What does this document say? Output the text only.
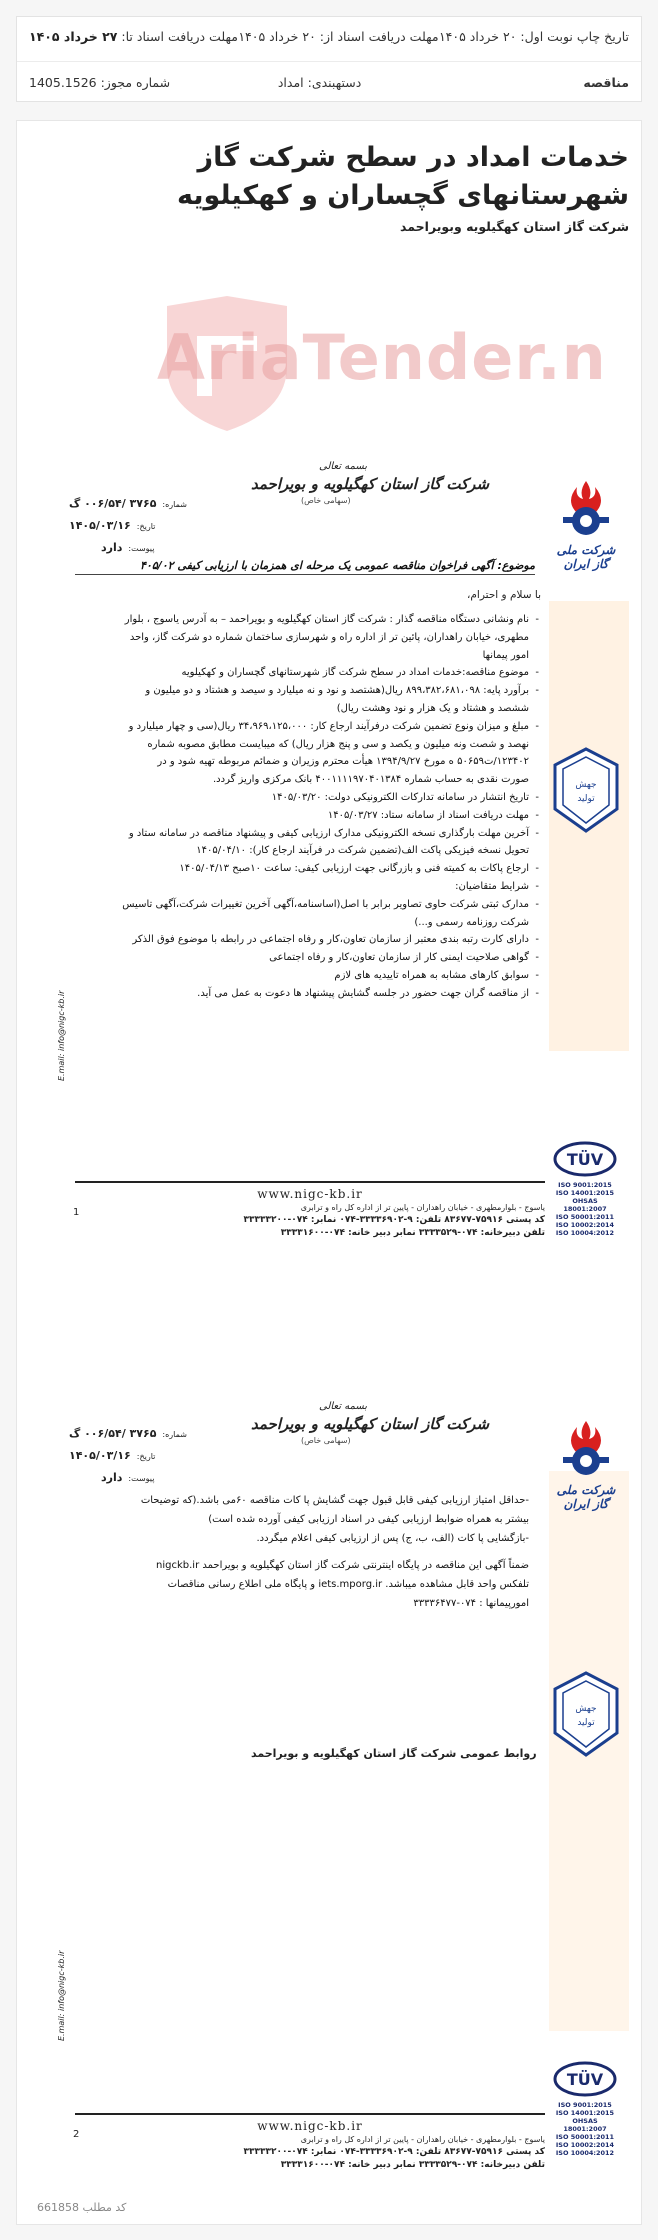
تاریخ چاپ نوبت اول: ۲۰ خرداد ۱۴۰۵
مهلت دریافت اسناد از: ۲۰ خرداد ۱۴۰۵
مهلت دریافت اسناد تا: ۲۷ خرداد ۱۴۰۵
مناقصه
دستهبندی: امداد
شماره مجوز: 1405.1526
خدمات امداد در سطح شرکت گاز شهرستانهای گچساران و کهکیلویه
شرکت گاز استان کهگیلویه وبویراحمد
AriaTender.n
شرکت ملی گاز ایران
بسمه تعالی
شرکت گاز استان کهگیلویه و بویراحمد
(سهامی خاص)
شماره:۳۷۶۵ /۰۰۶/۵۴ گ
تاریخ:۱۴۰۵/۰۳/۱۶
پیوست:دارد
موضوع: آگهی فراخوان مناقصه عمومی یک مرحله ای همزمان با ارزیابی کیفی ۴۰۵/۰۲
با سلام و احترام،
- نام ونشانی دستگاه مناقصه گذار : شرکت گاز استان کهگیلویه و بویراحمد – به آدرس یاسوج ، بلوار
مطهری، خیابان راهداران، پائین تر از اداره راه و شهرسازی ساختمان شماره دو شرکت گاز، واحد
امور پیمانها
- موضوع مناقصه:خدمات امداد در سطح شرکت گاز شهرستانهای گچساران و کهکیلویه
- برآورد پایه: ۸۹۹،۳۸۲،۶۸۱،۰۹۸ ریال(هشتصد و نود و نه میلیارد و سیصد و هشتاد و دو میلیون و
ششصد و هشتاد و یک هزار و نود وهشت ریال)
- مبلغ و میزان ونوع تضمین شرکت درفرآیند ارجاع کار: ۳۴،۹۶۹،۱۲۵،۰۰۰ ریال(سی و چهار میلیارد و
نهصد و شصت ونه میلیون و یکصد و سی و پنج هزار ریال) که میبایست مطابق مصوبه شماره
۱۲۳۴۰۲/ت۵۰۶۵۹ ه مورخ ۱۳۹۴/۹/۲۷ هیأت محترم وزیران و ضمائم مربوطه تهیه شود و در
صورت نقدی به حساب شماره ۴۰۰۱۱۱۱۹۷۰۴۰۱۳۸۴ بانک مرکزی واریز گردد.
- تاریخ انتشار در سامانه تدارکات الکترونیکی دولت: ۱۴۰۵/۰۳/۲۰
- مهلت دریافت اسناد از سامانه ستاد: ۱۴۰۵/۰۳/۲۷
- آخرین مهلت بارگذاری نسخه الکترونیکی مدارک ارزیابی کیفی و پیشنهاد مناقصه در سامانه ستاد و
تحویل نسخه فیزیکی پاکت الف(تضمین شرکت در فرآیند ارجاع کار): ۱۴۰۵/۰۴/۱۰
- ارجاع پاکات به کمیته فنی و بازرگانی جهت ارزیابی کیفی: ساعت ۱۰صبح ۱۴۰۵/۰۴/۱۳
- شرایط متقاضیان:
- مدارک ثبتی شرکت حاوی تصاویر برابر با اصل(اساسنامه،آگهی آخرین تغییرات شرکت،آگهی تاسیس
شرکت روزنامه رسمی و...)
- دارای کارت رتبه بندی معتبر از سازمان تعاون،کار و رفاه اجتماعی در رابطه با موضوع فوق الذکر
- گواهی صلاحیت ایمنی کار از سازمان تعاون،کار و رفاه اجتماعی
- سوابق کارهای مشابه به همراه تاییدیه های لازم
- از مناقصه گران جهت حضور در جلسه گشایش پیشنهاد ها دعوت به عمل می آید.
جهش
تولید
TÜV
ISO 9001:2015
ISO 14001:2015
OHSAS 18001:2007
ISO 50001:2011
ISO 10002:2014
ISO 10004:2012
E.mail: info@nigc-kb.ir
www.nigc-kb.ir
یاسوج - بلوارمطهری - خیابان راهداران - پایین تر از اداره کل راه و ترابری
کد پستی ۷۵۹۱۶-۸۳۶۷۷ تلفن: ۹-۳۳۳۳۶۹۰۲-۰۷۴ نمابر: ۰۷۴-۳۳۳۳۳۲۰۰
تلفن دبیرخانه: ۰۷۴-۳۳۳۳۵۲۹ نمابر دبیر خانه: ۰۷۴-۳۳۳۳۱۶۰۰
1
شرکت ملی گاز ایران
بسمه تعالی
شرکت گاز استان کهگیلویه و بویراحمد
(سهامی خاص)
شماره:۳۷۶۵ /۰۰۶/۵۴ گ
تاریخ:۱۴۰۵/۰۳/۱۶
پیوست:دارد
-حداقل امتیاز ارزیابی کیفی قابل قبول جهت گشایش پا کات مناقصه ۶۰می باشد.(که توضیحات
بیشتر به همراه ضوابط ارزیابی کیفی در اسناد ارزیابی کیفی آورده شده است)
-بازگشایی پا کات (الف، ب، ج) پس از ارزیابی کیفی اعلام میگردد.
ضمناً آگهی این مناقصه در پایگاه اینترنتی شرکت گاز استان کهگیلویه و بویراحمد nigckb.ir
تلفکس واحد قابل مشاهده میباشد. iets.mporg.ir و پایگاه ملی اطلاع رسانی مناقصات
امورپیمانها : ۰۷۴-۳۳۳۳۶۴۷۷
روابط عمومی شرکت گاز استان کهگیلویه و بویراحمد
جهش
تولید
TÜV
ISO 9001:2015
ISO 14001:2015
OHSAS 18001:2007
ISO 50001:2011
ISO 10002:2014
ISO 10004:2012
E.mail: info@nigc-kb.ir
www.nigc-kb.ir
یاسوج - بلوارمطهری - خیابان راهداران - پایین تر از اداره کل راه و ترابری
کد پستی ۷۵۹۱۶-۸۳۶۷۷ تلفن: ۹-۳۳۳۳۶۹۰۲-۰۷۴ نمابر: ۰۷۴-۳۳۳۳۳۲۰۰
تلفن دبیرخانه: ۰۷۴-۳۳۳۳۵۲۹ نمابر دبیر خانه: ۰۷۴-۳۳۳۳۱۶۰۰
2
کد مطلب 661858
